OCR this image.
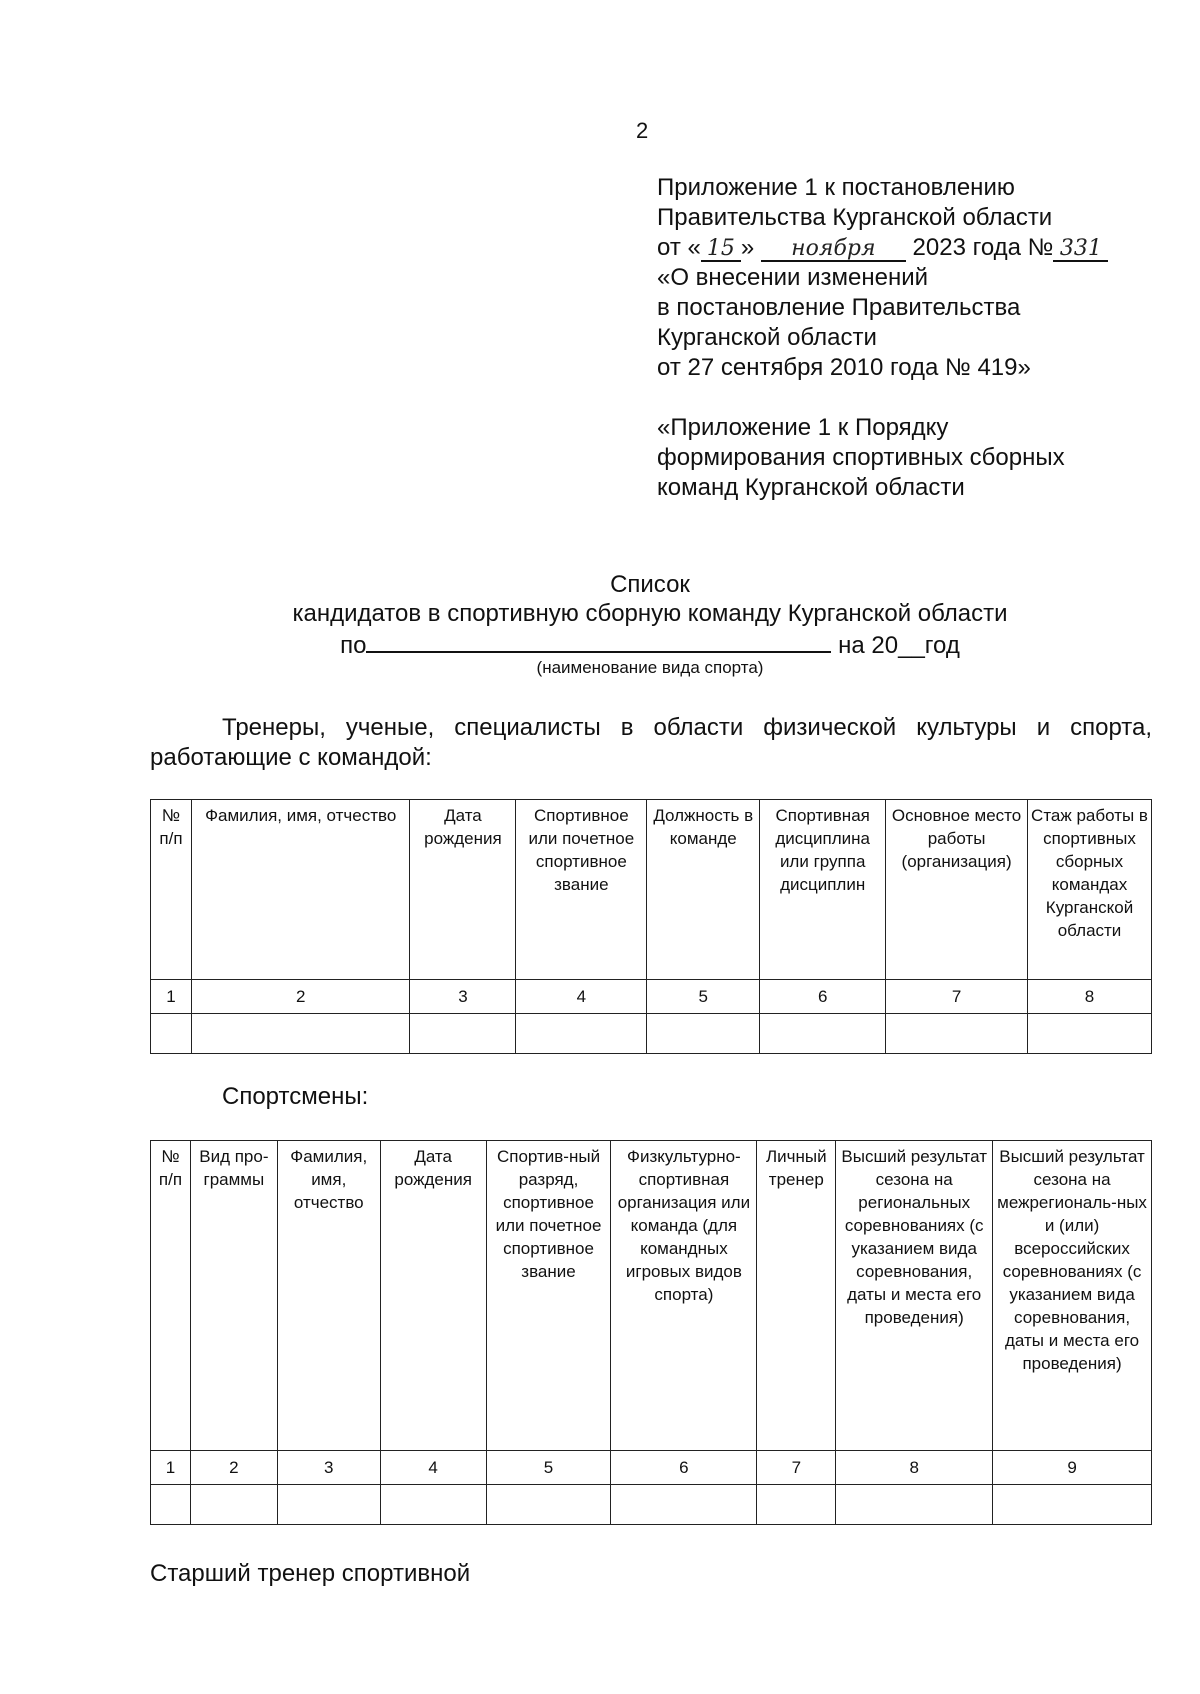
2
Приложение 1 к постановлению
Правительства Курганской области
от « 15 » ноября 2023 года № 331
«О внесении изменений
в постановление Правительства
Курганской области
от 27 сентября 2010 года № 419»
«Приложение 1 к Порядку
формирования спортивных сборных
команд Курганской области
Список
кандидатов в спортивную сборную команду Курганской области
по	на 20__год
(наименование вида спорта)
Тренеры, ученые, специалисты в области физической культуры и спорта,
работающие с командой:
№ п/п	Фамилия, имя, отчество	Дата рождения	Спортивное или почетное спортивное звание	Должность в команде	Спортивная дисциплина или группа дисциплин	Основное место работы (организация)	Стаж работы в спортивных сборных командах Курганской области
1	2	3	4	5	6	7	8

Спортсмены:
№ п/п	Вид про-граммы	Фамилия, имя, отчество	Дата рождения	Спортив-ный разряд, спортивное или почетное спортивное звание	Физкультурно-спортивная организация или команда (для командных игровых видов спорта)	Личный тренер	Высший результат сезона на региональных соревнованиях (с указанием вида соревнования, даты и места его проведения)	Высший результат сезона на межрегиональ-ных и (или) всероссийских соревнованиях (с указанием вида соревнования, даты и места его проведения)
1	2	3	4	5	6	7	8	9

Старший тренер спортивной
